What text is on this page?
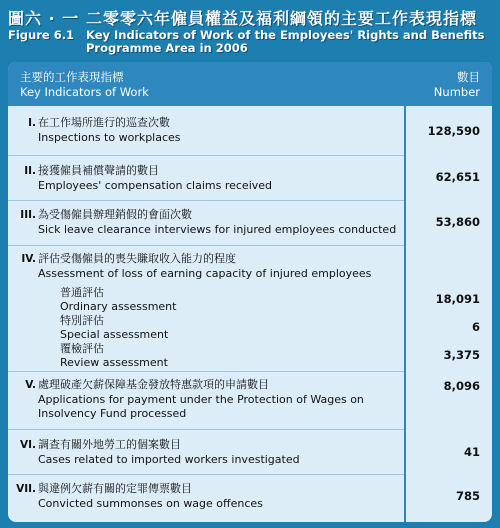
圖六 · 一 二零零六年僱員權益及福利綱領的主要工作表現指標
Figure 6.1 Key Indicators of Work of the Employees' Rights and Benefits
Programme Area in 2006
主要的工作表現指標
Key Indicators of Work
數目
Number
I. 在工作場所進行的巡查次數
Inspections to workplaces	128,590
II. 接獲僱員補償聲請的數目
Employees' compensation claims received
62,651
III. 為受傷僱員辦理銷假的會面次數
Sick leave clearance interviews for injured employees conducted
53,860
IV. 評估受傷僱員的喪失賺取收入能力的程度
Assessment of loss of earning capacity of injured employees
普通評估
Ordinary assessment
18,091
特別評估
Special assessment
6
覆檢評估
Review assessment
3,375
V. 處理破產欠薪保障基金發放特惠款項的申請數目
Applications for payment under the Protection of Wages on
Insolvency Fund processed
8,096
VI. 調查有關外地勞工的個案數目
Cases related to imported workers investigated
41
VII. 與違例欠薪有關的定罪傳票數目
Convicted summonses on wage offences
785
